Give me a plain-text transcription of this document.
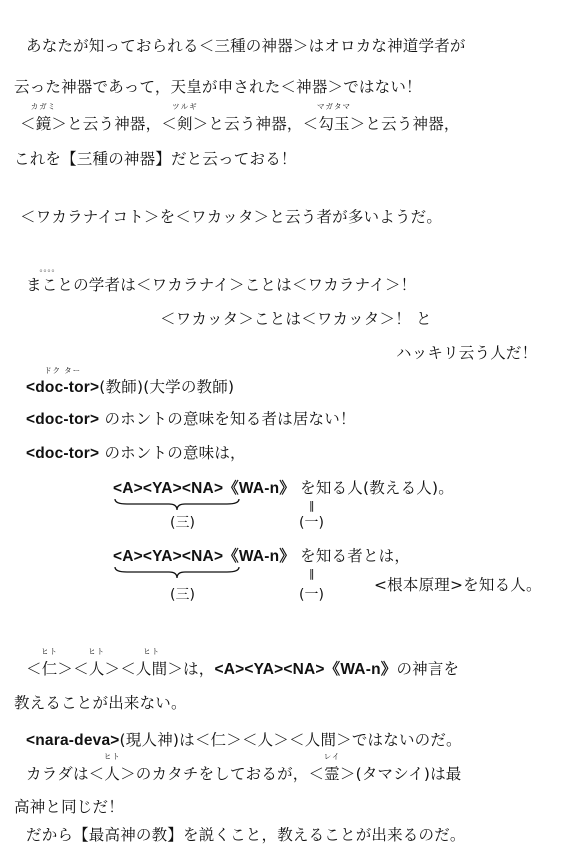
あなたが知っておられる＜三種の神器＞はオロカな神道学者が
云った神器であって，天皇が申された＜神器＞ではない！
＜
カガミ
鏡＞と云う神器，＜
ツルギ
剣＞と云う神器，＜
マガタマ
勾玉＞と云う神器，
これを【三種の神器】だと云っておる！
＜ワカラナイコト＞を＜ワカッタ＞と云う者が多いようだ。
。。。。
まことの学者は＜ワカラナイ＞ことは＜ワカラナイ＞！
＜ワカッタ＞ことは＜ワカッタ＞！ と
ハッキリ云う人だ！
ドク ター
<doc-tor>(教師)(大学の教師)
<doc-tor> のホントの意味を知る者は居ない！
<doc-tor> のホントの意味は，
<A><YA><NA>《WA-n》 を知る人(教える人)。
‖
(三)	(一)
<A><YA><NA>《WA-n》 を知る者とは，
‖
<根本原理>を知る人。
(三)	(一)
＜
ヒト
仁＞＜
ヒト
人＞＜
ヒト
人間＞は，<A><YA><NA>《WA-n》の神言を
教えることが出来ない。
<nara-deva>(現人神)は＜仁＞＜人＞＜人間＞ではないのだ。
カラダは＜
ヒト
人＞のカタチをしておるが，＜
レイ
霊＞(タマシイ)は最
高神と同じだ！
だから【最高神の教】を説くこと，教えることが出来るのだ。
